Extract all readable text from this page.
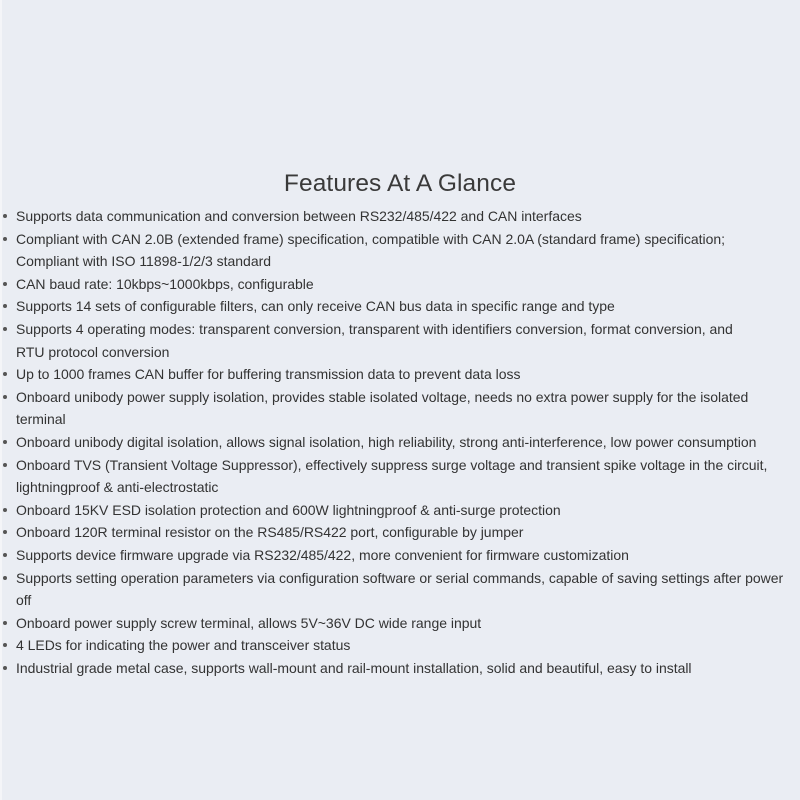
Features At A Glance
Supports data communication and conversion between RS232/485/422 and CAN interfaces
Compliant with CAN 2.0B (extended frame) specification, compatible with CAN 2.0A (standard frame) specification;
Compliant with ISO 11898-1/2/3 standard
CAN baud rate: 10kbps~1000kbps, configurable
Supports 14 sets of configurable filters, can only receive CAN bus data in specific range and type
Supports 4 operating modes: transparent conversion, transparent with identifiers conversion, format conversion, and
RTU protocol conversion
Up to 1000 frames CAN buffer for buffering transmission data to prevent data loss
Onboard unibody power supply isolation, provides stable isolated voltage, needs no extra power supply for the isolated
terminal
Onboard unibody digital isolation, allows signal isolation, high reliability, strong anti-interference, low power consumption
Onboard TVS (Transient Voltage Suppressor), effectively suppress surge voltage and transient spike voltage in the circuit,
lightningproof & anti-electrostatic
Onboard 15KV ESD isolation protection and 600W lightningproof & anti-surge protection
Onboard 120R terminal resistor on the RS485/RS422 port, configurable by jumper
Supports device firmware upgrade via RS232/485/422, more convenient for firmware customization
Supports setting operation parameters via configuration software or serial commands, capable of saving settings after power
off
Onboard power supply screw terminal, allows 5V~36V DC wide range input
4 LEDs for indicating the power and transceiver status
Industrial grade metal case, supports wall-mount and rail-mount installation, solid and beautiful, easy to install
